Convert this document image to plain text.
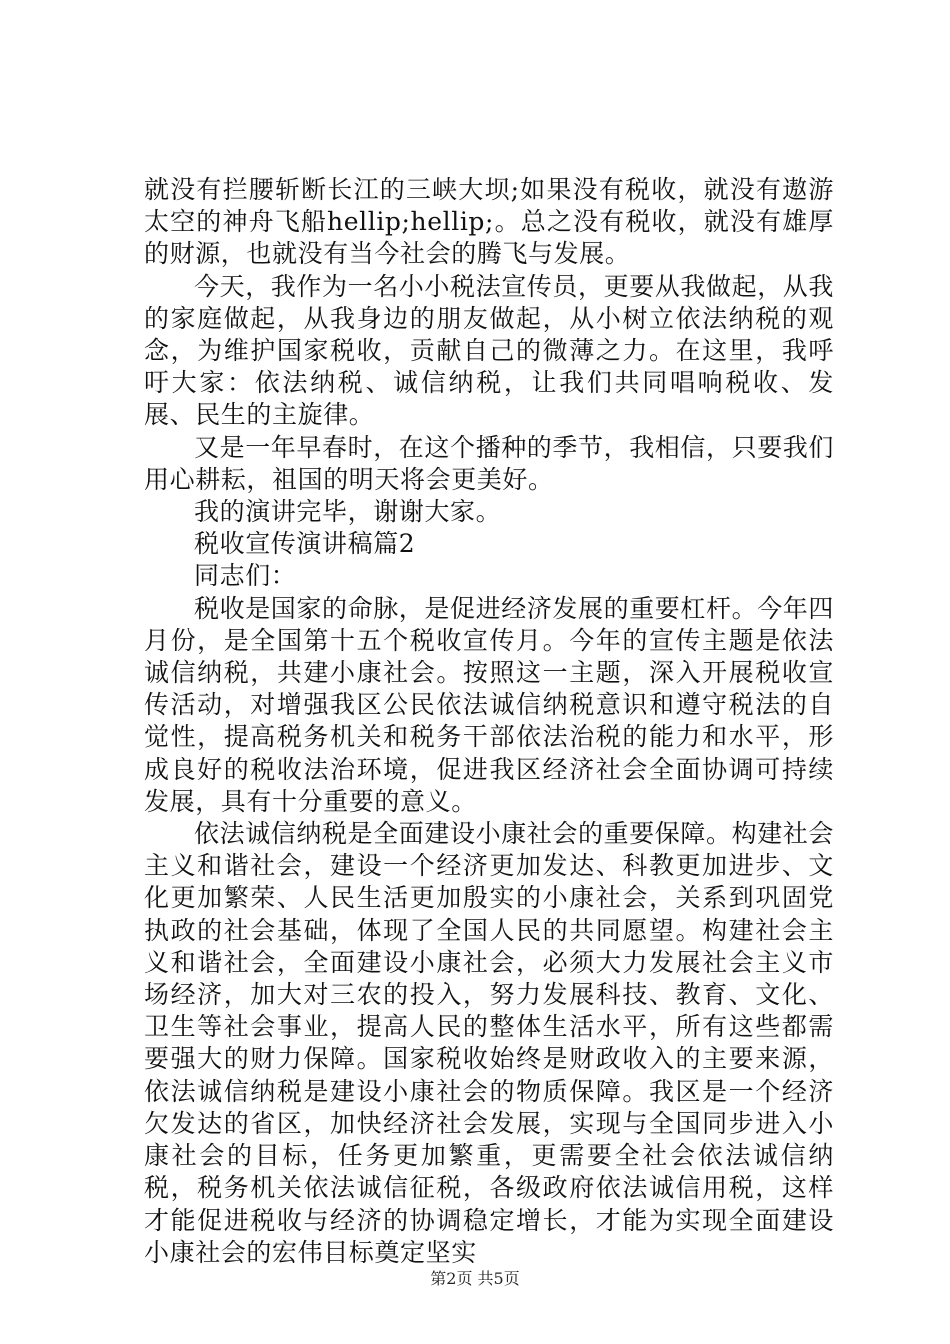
就没有拦腰斩断长江的三峡大坝;如果没有税收，就没有遨游太空的神舟飞船hellip;hellip;。总之没有税收，就没有雄厚的财源，也就没有当今社会的腾飞与发展。

今天，我作为一名小小税法宣传员，更要从我做起，从我的家庭做起，从我身边的朋友做起，从小树立依法纳税的观念，为维护国家税收，贡献自己的微薄之力。在这里，我呼吁大家：依法纳税、诚信纳税，让我们共同唱响税收、发展、民生的主旋律。

又是一年早春时，在这个播种的季节，我相信，只要我们用心耕耘，祖国的明天将会更美好。

我的演讲完毕，谢谢大家。

税收宣传演讲稿篇2

同志们：

税收是国家的命脉，是促进经济发展的重要杠杆。今年四月份，是全国第十五个税收宣传月。今年的宣传主题是依法诚信纳税，共建小康社会。按照这一主题，深入开展税收宣传活动，对增强我区公民依法诚信纳税意识和遵守税法的自觉性，提高税务机关和税务干部依法治税的能力和水平，形成良好的税收法治环境，促进我区经济社会全面协调可持续发展，具有十分重要的意义。

依法诚信纳税是全面建设小康社会的重要保障。构建社会主义和谐社会，建设一个经济更加发达、科教更加进步、文化更加繁荣、人民生活更加殷实的小康社会，关系到巩固党执政的社会基础，体现了全国人民的共同愿望。构建社会主义和谐社会，全面建设小康社会，必须大力发展社会主义市场经济，加大对三农的投入，努力发展科技、教育、文化、卫生等社会事业，提高人民的整体生活水平，所有这些都需要强大的财力保障。国家税收始终是财政收入的主要来源，依法诚信纳税是建设小康社会的物质保障。我区是一个经济欠发达的省区，加快经济社会发展，实现与全国同步进入小康社会的目标，任务更加繁重，更需要全社会依法诚信纳税，税务机关依法诚信征税，各级政府依法诚信用税，这样才能促进税收与经济的协调稳定增长，才能为实现全面建设小康社会的宏伟目标奠定坚实

第2页 共5页
